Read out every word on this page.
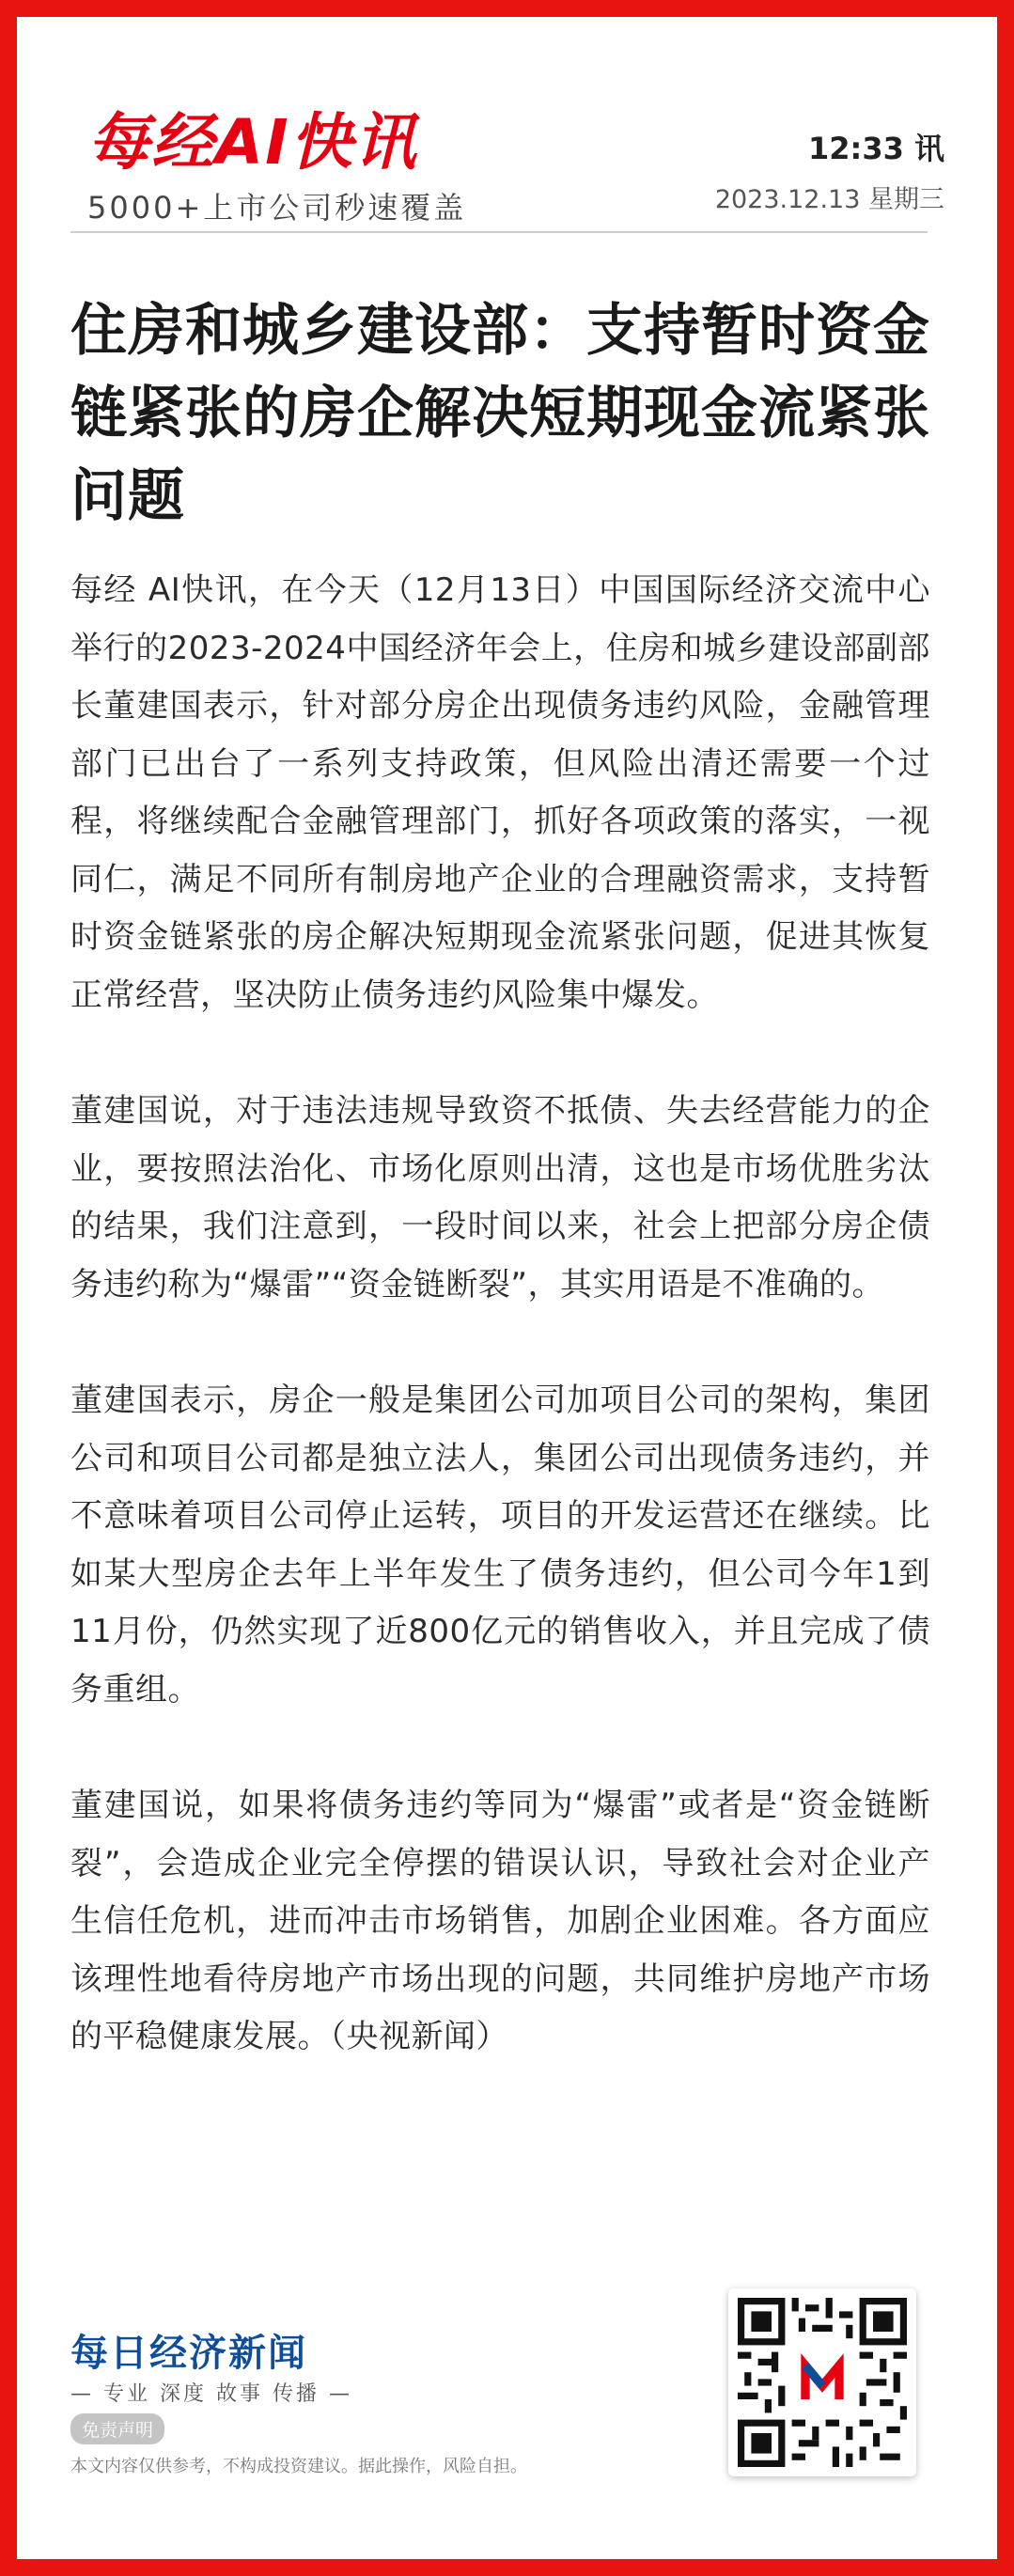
每经AI快讯
5000+上市公司秒速覆盖
12:33 讯
2023.12.13 星期三
住房和城乡建设部：支持暂时资金链紧张的房企解决短期现金流紧张问题

每经 AI快讯，在今天（12月13日）中国国际经济交流中心举行的2023-2024中国经济年会上，住房和城乡建设部副部长董建国表示，针对部分房企出现债务违约风险，金融管理部门已出台了一系列支持政策，但风险出清还需要一个过程，将继续配合金融管理部门，抓好各项政策的落实，一视同仁，满足不同所有制房地产企业的合理融资需求，支持暂时资金链紧张的房企解决短期现金流紧张问题，促进其恢复正常经营，坚决防止债务违约风险集中爆发。

董建国说，对于违法违规导致资不抵债、失去经营能力的企业，要按照法治化、市场化原则出清，这也是市场优胜劣汰的结果，我们注意到，一段时间以来，社会上把部分房企债务违约称为“爆雷”“资金链断裂”，其实用语是不准确的。

董建国表示，房企一般是集团公司加项目公司的架构，集团公司和项目公司都是独立法人，集团公司出现债务违约，并不意味着项目公司停止运转，项目的开发运营还在继续。比如某大型房企去年上半年发生了债务违约，但公司今年1到11月份，仍然实现了近800亿元的销售收入，并且完成了债务重组。

董建国说，如果将债务违约等同为“爆雷”或者是“资金链断裂”，会造成企业完全停摆的错误认识，导致社会对企业产生信任危机，进而冲击市场销售，加剧企业困难。各方面应该理性地看待房地产市场出现的问题，共同维护房地产市场的平稳健康发展。（央视新闻）

每日经济新闻
— 专业 深度 故事 传播 —
免责声明
本文内容仅供参考，不构成投资建议。据此操作，风险自担。
